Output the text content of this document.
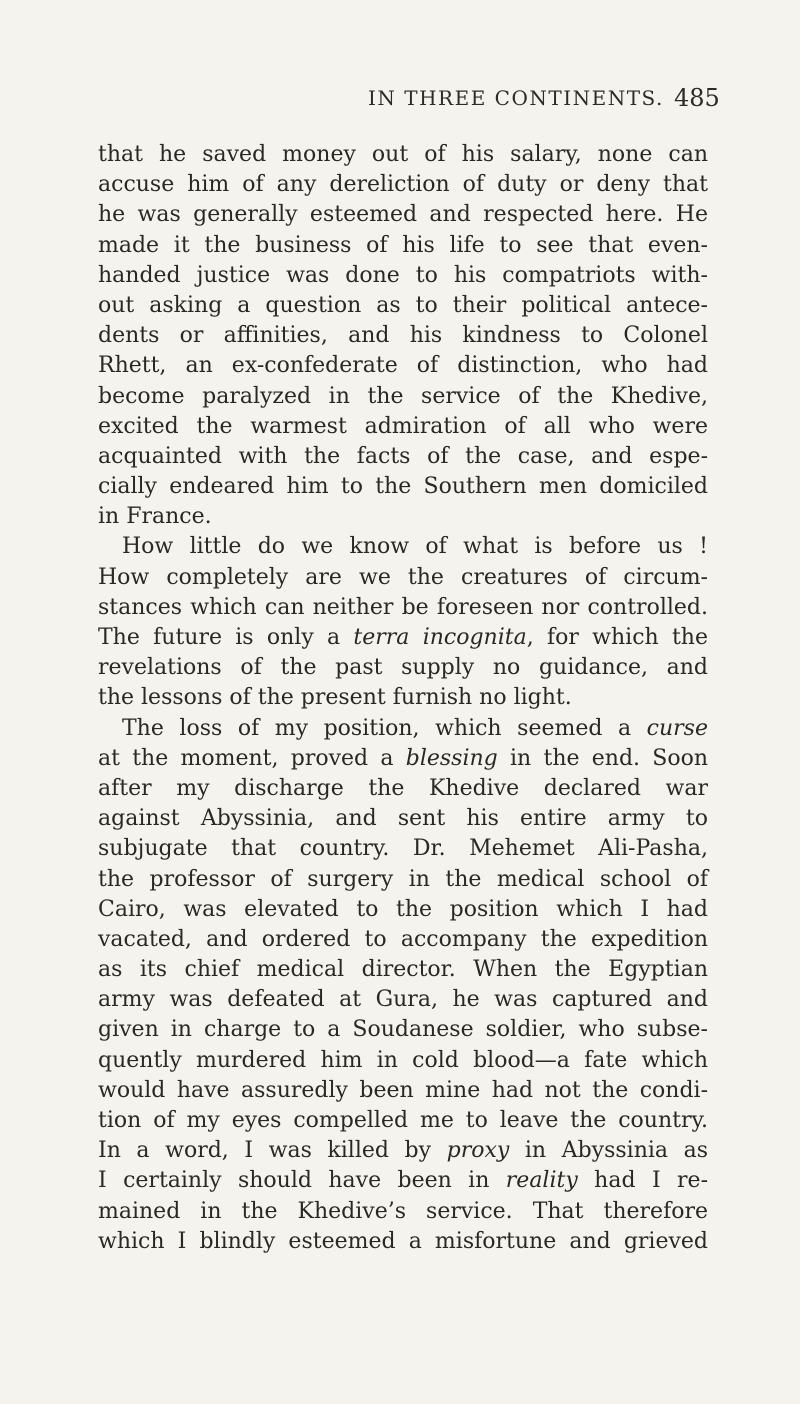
IN THREE CONTINENTS. 485
that he saved money out of his salary, none can
accuse him of any dereliction of duty or deny that
he was generally esteemed and respected here. He
made it the business of his life to see that even-
handed justice was done to his compatriots with-
out asking a question as to their political antece-
dents or affinities, and his kindness to Colonel
Rhett, an ex-confederate of distinction, who had
become paralyzed in the service of the Khedive,
excited the warmest admiration of all who were
acquainted with the facts of the case, and espe-
cially endeared him to the Southern men domiciled
in France.
How little do we know of what is before us !
How completely are we the creatures of circum-
stances which can neither be foreseen nor controlled.
The future is only a terra incognita, for which the
revelations of the past supply no guidance, and
the lessons of the present furnish no light.
The loss of my position, which seemed a curse
at the moment, proved a blessing in the end. Soon
after my discharge the Khedive declared war
against Abyssinia, and sent his entire army to
subjugate that country. Dr. Mehemet Ali-Pasha,
the professor of surgery in the medical school of
Cairo, was elevated to the position which I had
vacated, and ordered to accompany the expedition
as its chief medical director. When the Egyptian
army was defeated at Gura, he was captured and
given in charge to a Soudanese soldier, who subse-
quently murdered him in cold blood—a fate which
would have assuredly been mine had not the condi-
tion of my eyes compelled me to leave the country.
In a word, I was killed by proxy in Abyssinia as
I certainly should have been in reality had I re-
mained in the Khedive’s service. That therefore
which I blindly esteemed a misfortune and grieved
